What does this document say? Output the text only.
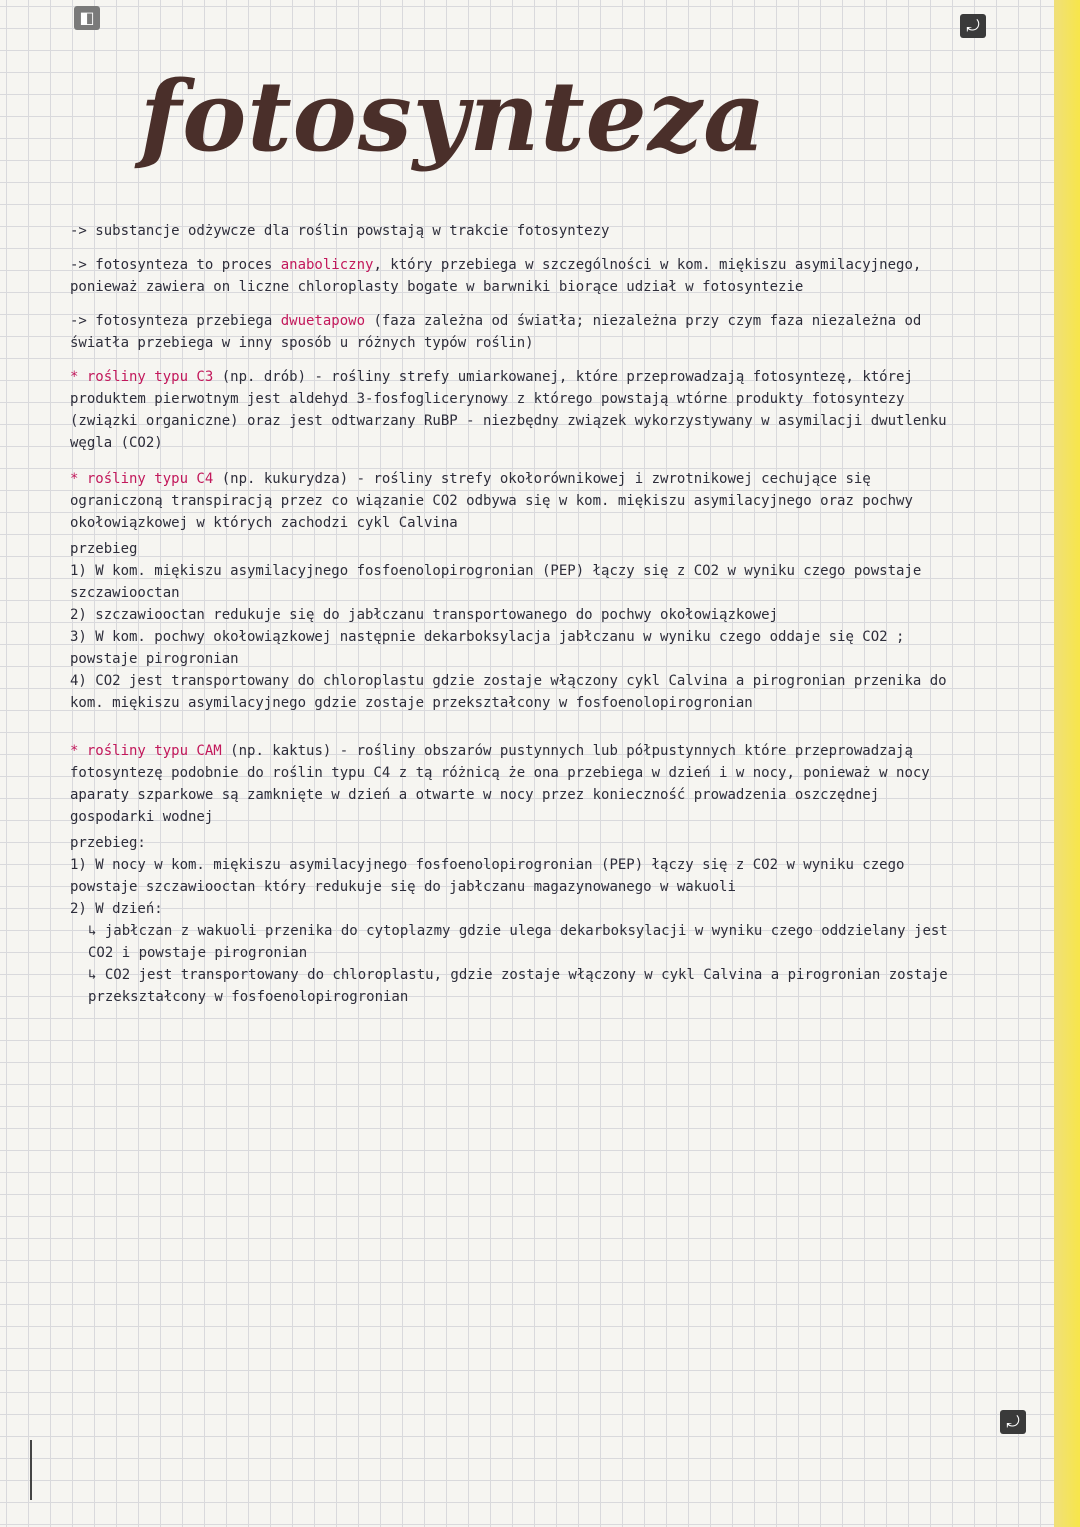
◧	⤾
⤾
fotosynteza

-> substancje odżywcze dla roślin powstają w trakcie fotosyntezy

-> fotosynteza to proces anaboliczny, który przebiega w szczególności w kom. miękiszu asymilacyjnego, ponieważ zawiera on liczne chloroplasty bogate w barwniki biorące udział w fotosyntezie

-> fotosynteza przebiega dwuetapowo (faza zależna od światła; niezależna przy czym faza niezależna od światła przebiega w inny sposób u różnych typów roślin)

* rośliny typu C3 (np. drób) - rośliny strefy umiarkowanej, które przeprowadzają fotosyntezę, której produktem pierwotnym jest aldehyd 3-fosfoglicerynowy z którego powstają wtórne produkty fotosyntezy (związki organiczne) oraz jest odtwarzany RuBP - niezbędny związek wykorzystywany w asymilacji dwutlenku węgla (CO2)

* rośliny typu C4 (np. kukurydza) - rośliny strefy okołorównikowej i zwrotnikowej cechujące się ograniczoną transpiracją przez co wiązanie CO2 odbywa się w kom. miękiszu asymilacyjnego oraz pochwy okołowiązkowej w których zachodzi cykl Calvina

przebieg
1) W kom. miękiszu asymilacyjnego fosfoenolopirogronian (PEP) łączy się z CO2 w wyniku czego powstaje szczawiooctan
2) szczawiooctan redukuje się do jabłczanu transportowanego do pochwy okołowiązkowej
3) W kom. pochwy okołowiązkowej następnie dekarboksylacja jabłczanu w wyniku czego oddaje się CO2 ; powstaje pirogronian
4) CO2 jest transportowany do chloroplastu gdzie zostaje włączony cykl Calvina a pirogronian przenika do kom. miękiszu asymilacyjnego gdzie zostaje przekształcony w fosfoenolopirogronian

* rośliny typu CAM (np. kaktus) - rośliny obszarów pustynnych lub półpustynnych które przeprowadzają fotosyntezę podobnie do roślin typu C4 z tą różnicą że ona przebiega w dzień i w nocy, ponieważ w nocy aparaty szparkowe są zamknięte w dzień a otwarte w nocy przez konieczność prowadzenia oszczędnej gospodarki wodnej

przebieg:
1) W nocy w kom. miękiszu asymilacyjnego fosfoenolopirogronian (PEP) łączy się z CO2 w wyniku czego powstaje szczawiooctan który redukuje się do jabłczanu magazynowanego w wakuoli
2) W dzień:
↳ jabłczan z wakuoli przenika do cytoplazmy gdzie ulega dekarboksylacji w wyniku czego oddzielany jest CO2 i powstaje pirogronian
↳ CO2 jest transportowany do chloroplastu, gdzie zostaje włączony w cykl Calvina a pirogronian zostaje przekształcony w fosfoenolopirogronian
